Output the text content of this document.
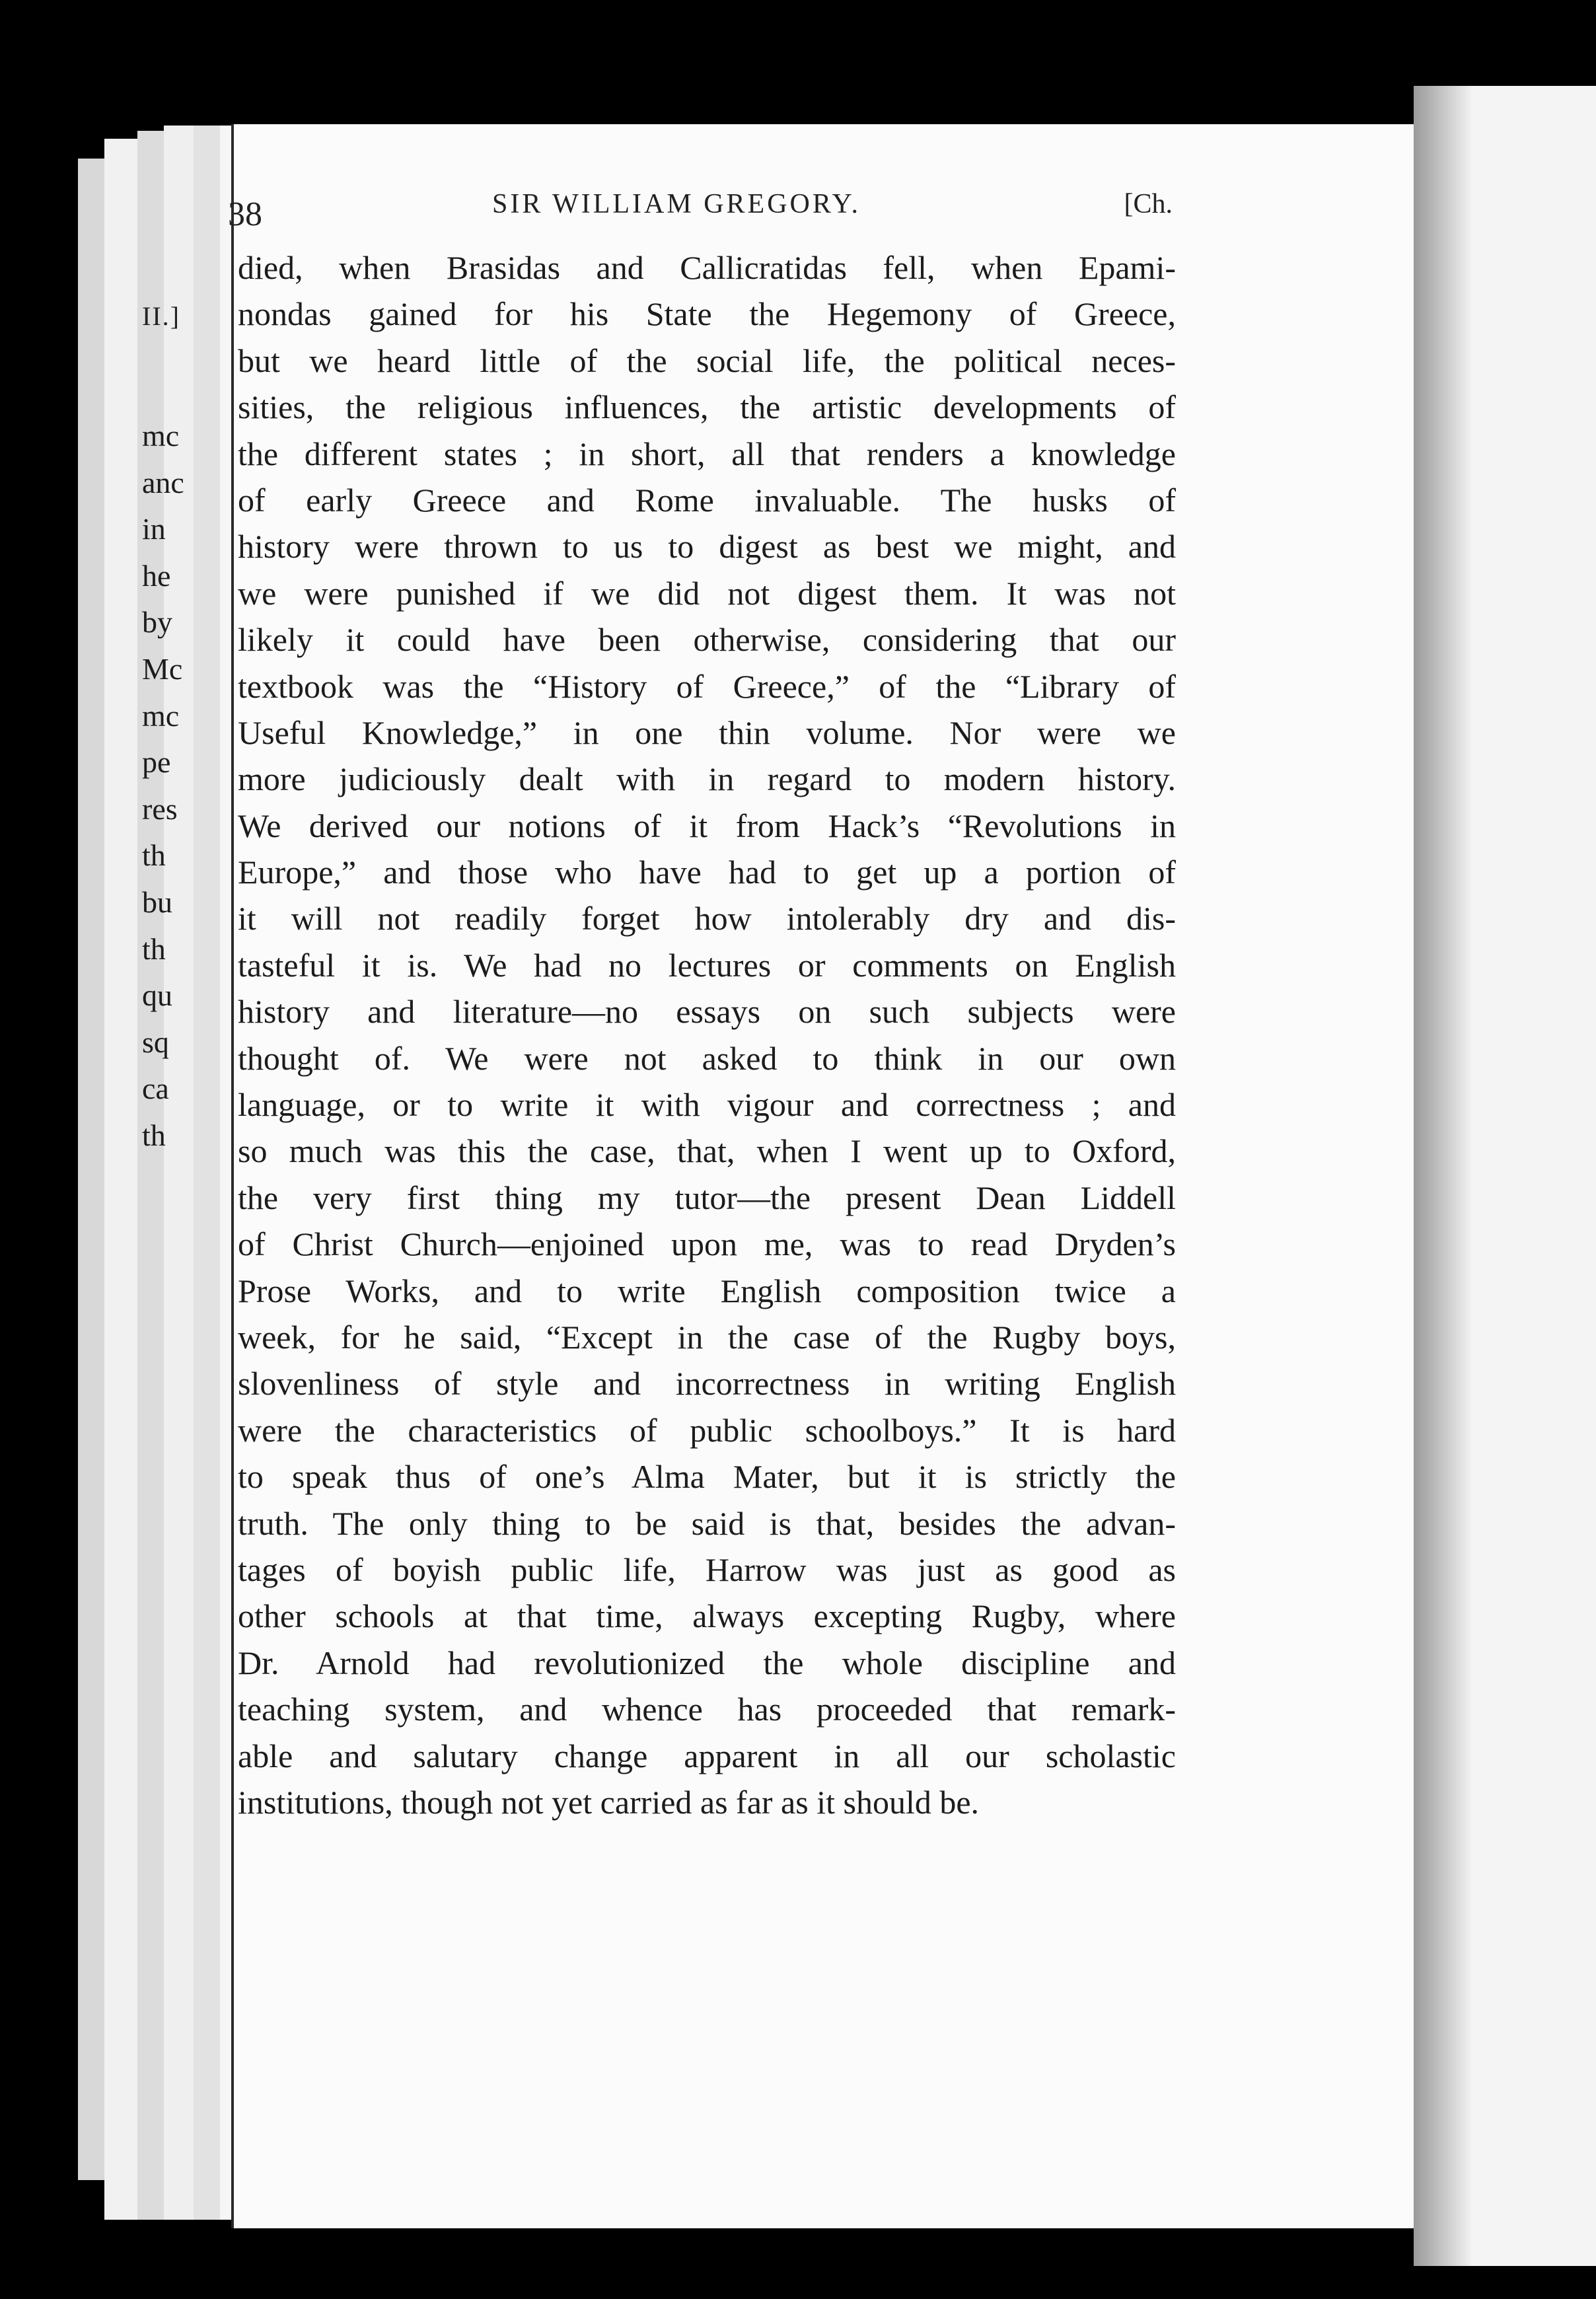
38	SIR WILLIAM GREGORY.	[Ch.
died, when Brasidas and Callicratidas fell, when Epami-
nondas gained for his State the Hegemony of Greece,
but we heard little of the social life, the political neces-
sities, the religious influences, the artistic developments of
the different states ; in short, all that renders a knowledge
of early Greece and Rome invaluable. The husks of
history were thrown to us to digest as best we might, and
we were punished if we did not digest them. It was not
likely it could have been otherwise, considering that our
textbook was the “History of Greece,” of the “Library of
Useful Knowledge,” in one thin volume. Nor were we
more judiciously dealt with in regard to modern history.
We derived our notions of it from Hack’s “Revolutions in
Europe,” and those who have had to get up a portion of
it will not readily forget how intolerably dry and dis-
tasteful it is. We had no lectures or comments on English
history and literature—no essays on such subjects were
thought of. We were not asked to think in our own
language, or to write it with vigour and correctness ; and
so much was this the case, that, when I went up to Oxford,
the very first thing my tutor—the present Dean Liddell
of Christ Church—enjoined upon me, was to read Dryden’s
Prose Works, and to write English composition twice a
week, for he said, “Except in the case of the Rugby boys,
slovenliness of style and incorrectness in writing English
were the characteristics of public schoolboys.” It is hard
to speak thus of one’s Alma Mater, but it is strictly the
truth. The only thing to be said is that, besides the advan-
tages of boyish public life, Harrow was just as good as
other schools at that time, always excepting Rugby, where
Dr. Arnold had revolutionized the whole discipline and
teaching system, and whence has proceeded that remark-
able and salutary change apparent in all our scholastic
institutions, though not yet carried as far as it should be.
II.]
mc
anc
in
he
by
Mc
mc
pe
res
th
bu
th
qu
sq
ca
th
